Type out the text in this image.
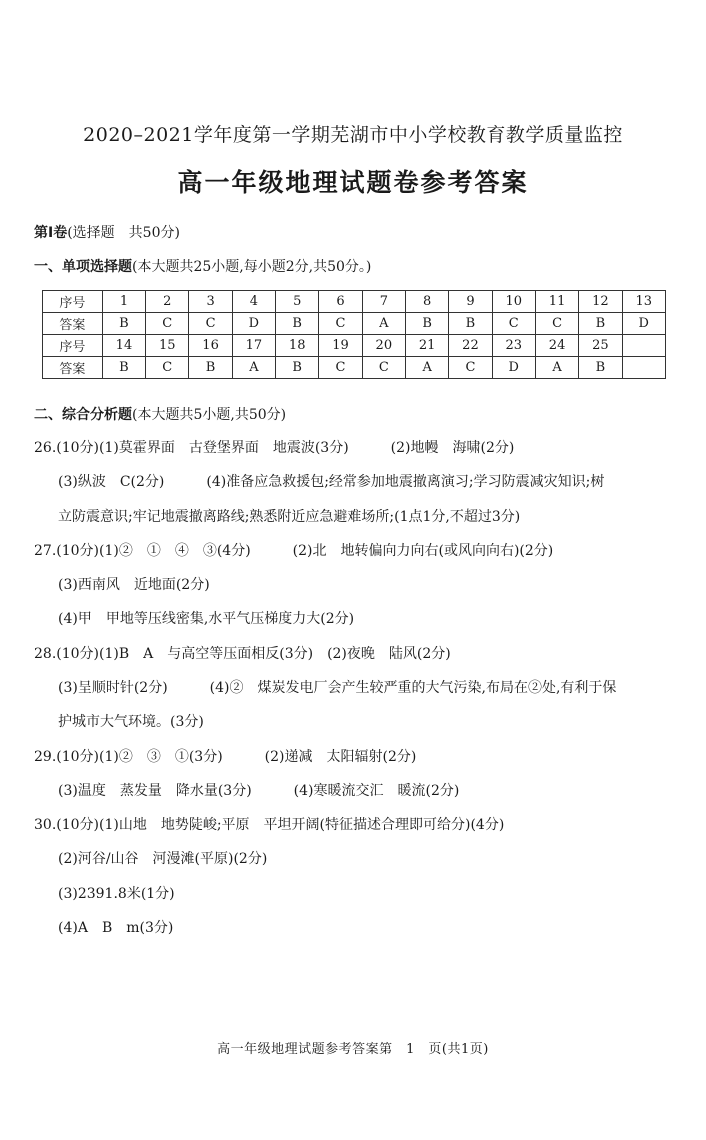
2020–2021学年度第一学期芜湖市中小学校教育教学质量监控
高一年级地理试题卷参考答案
第Ⅰ卷(选择题　共50分)
一、单项选择题(本大题共25小题,每小题2分,共50分。)
序号	1	2	3	4	5	6	7	8	9	10	11	12	13
答案	B	C	C	D	B	C	A	B	B	C	C	B	D
序号	14	15	16	17	18	19	20	21	22	23	24	25	
答案	B	C	B	A	B	C	C	A	C	D	A	B	
二、综合分析题(本大题共5小题,共50分)
26.(10分)(1)莫霍界面　古登堡界面　地震波(3分)　　　(2)地幔　海啸(2分)
(3)纵波　C(2分)　　　(4)准备应急救援包;经常参加地震撤离演习;学习防震减灾知识;树
立防震意识;牢记地震撤离路线;熟悉附近应急避难场所;(1点1分,不超过3分)
27.(10分)(1)②　①　④　③(4分)　　　(2)北　地转偏向力向右(或风向向右)(2分)
(3)西南风　近地面(2分)
(4)甲　甲地等压线密集,水平气压梯度力大(2分)
28.(10分)(1)B　A　与高空等压面相反(3分)　(2)夜晚　陆风(2分)
(3)呈顺时针(2分)　　　(4)②　煤炭发电厂会产生较严重的大气污染,布局在②处,有利于保
护城市大气环境。(3分)
29.(10分)(1)②　③　①(3分)　　　(2)递减　太阳辐射(2分)
(3)温度　蒸发量　降水量(3分)　　　(4)寒暖流交汇　暖流(2分)
30.(10分)(1)山地　地势陡峻;平原　平坦开阔(特征描述合理即可给分)(4分)
(2)河谷/山谷　河漫滩(平原)(2分)
(3)2391.8米(1分)
(4)A　B　m(3分)
高一年级地理试题参考答案第　1　页(共1页)
